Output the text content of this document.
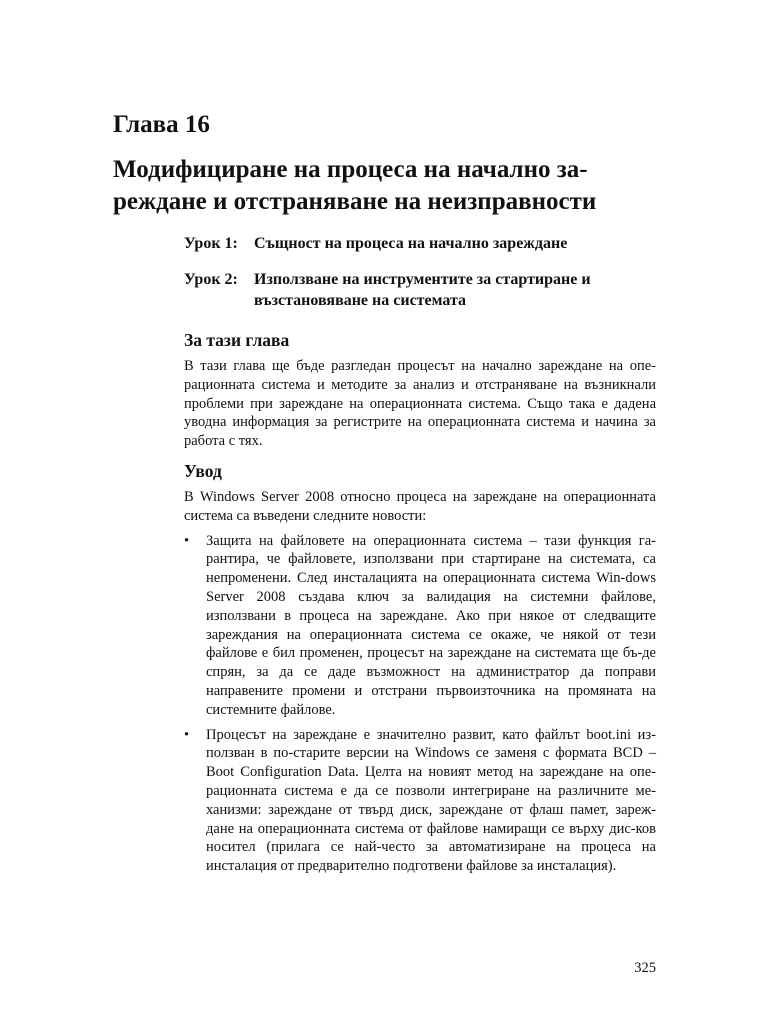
Глава 16
Модифициране на процеса на начално за-реждане и отстраняване на неизправности
Урок 1:	Същност на процеса на начално зареждане
Урок 2:	Използване на инструментите за стартиране и възстановяване на системата
За тази глава

В тази глава ще бъде разгледан процесът на начално зареждане на опе-рационната система и методите за анализ и отстраняване на възникнали проблеми при зареждане на операционната система. Също така е дадена уводна информация за регистрите на операционната система и начина за работа с тях.

Увод

В Windows Server 2008 относно процеса на зареждане на операционната система са въведени следните новости:

• Защита на файловете на операционната система – тази функция га-рантира, че файловете, използвани при стартиране на системата, са непроменени. След инсталацията на операционната система Win-dows Server 2008 създава ключ за валидация на системни файлове, използвани в процеса на зареждане. Ако при някое от следващите зареждания на операционната система се окаже, че някой от тези файлове е бил променен, процесът на зареждане на системата ще бъ-де спрян, за да се даде възможност на администратор да поправи направените промени и отстрани първоизточника на промяната на системните файлове.
• Процесът на зареждане е значително развит, като файлът boot.ini из-ползван в по-старите версии на Windows се заменя с формата BCD – Boot Configuration Data. Целта на новият метод на зареждане на опе-рационната система е да се позволи интегриране на различните ме-ханизми: зареждане от твърд диск, зареждане от флаш памет, зареж-дане на операционната система от файлове намиращи се върху дис-ков носител (прилага се най-често за автоматизиране на процеса на инсталация от предварително подготвени файлове за инсталация).
325
